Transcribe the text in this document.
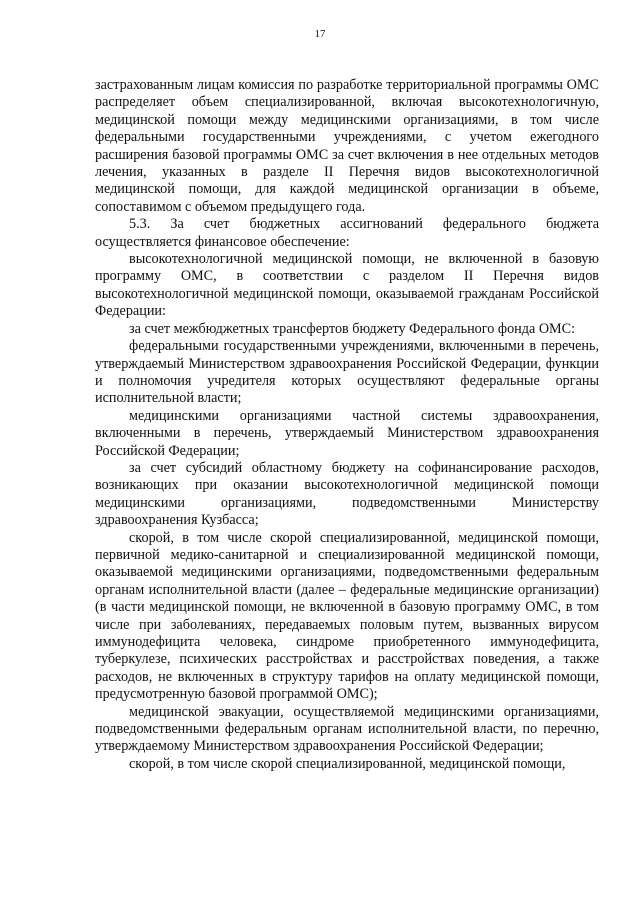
17

застрахованным лицам комиссия по разработке территориальной программы ОМС распределяет объем специализированной, включая высокотехнологичную, медицинской помощи между медицинскими организациями, в том числе федеральными государственными учреждениями, с учетом ежегодного расширения базовой программы ОМС за счет включения в нее отдельных методов лечения, указанных в разделе II Перечня видов высокотехнологичной медицинской помощи, для каждой медицинской организации в объеме, сопоставимом с объемом предыдущего года.

5.3. За счет бюджетных ассигнований федерального бюджета осуществляется финансовое обеспечение:

высокотехнологичной медицинской помощи, не включенной в базовую программу ОМС, в соответствии с разделом II Перечня видов высокотехнологичной медицинской помощи, оказываемой гражданам Российской Федерации:

за счет межбюджетных трансфертов бюджету Федерального фонда ОМС:

федеральными государственными учреждениями, включенными в перечень, утверждаемый Министерством здравоохранения Российской Федерации, функции и полномочия учредителя которых осуществляют федеральные органы исполнительной власти;

медицинскими организациями частной системы здравоохранения, включенными в перечень, утверждаемый Министерством здравоохранения Российской Федерации;

за счет субсидий областному бюджету на софинансирование расходов, возникающих при оказании высокотехнологичной медицинской помощи медицинскими организациями, подведомственными Министерству здравоохранения Кузбасса;

скорой, в том числе скорой специализированной, медицинской помощи, первичной медико-санитарной и специализированной медицинской помощи, оказываемой медицинскими организациями, подведомственными федеральным органам исполнительной власти (далее – федеральные медицинские организации) (в части медицинской помощи, не включенной в базовую программу ОМС, в том числе при заболеваниях, передаваемых половым путем, вызванных вирусом иммунодефицита человека, синдроме приобретенного иммунодефицита, туберкулезе, психических расстройствах и расстройствах поведения, а также расходов, не включенных в структуру тарифов на оплату медицинской помощи, предусмотренную базовой программой ОМС);

медицинской эвакуации, осуществляемой медицинскими организациями, подведомственными федеральным органам исполнительной власти, по перечню, утверждаемому Министерством здравоохранения Российской Федерации;

скорой, в том числе скорой специализированной, медицинской помощи,
